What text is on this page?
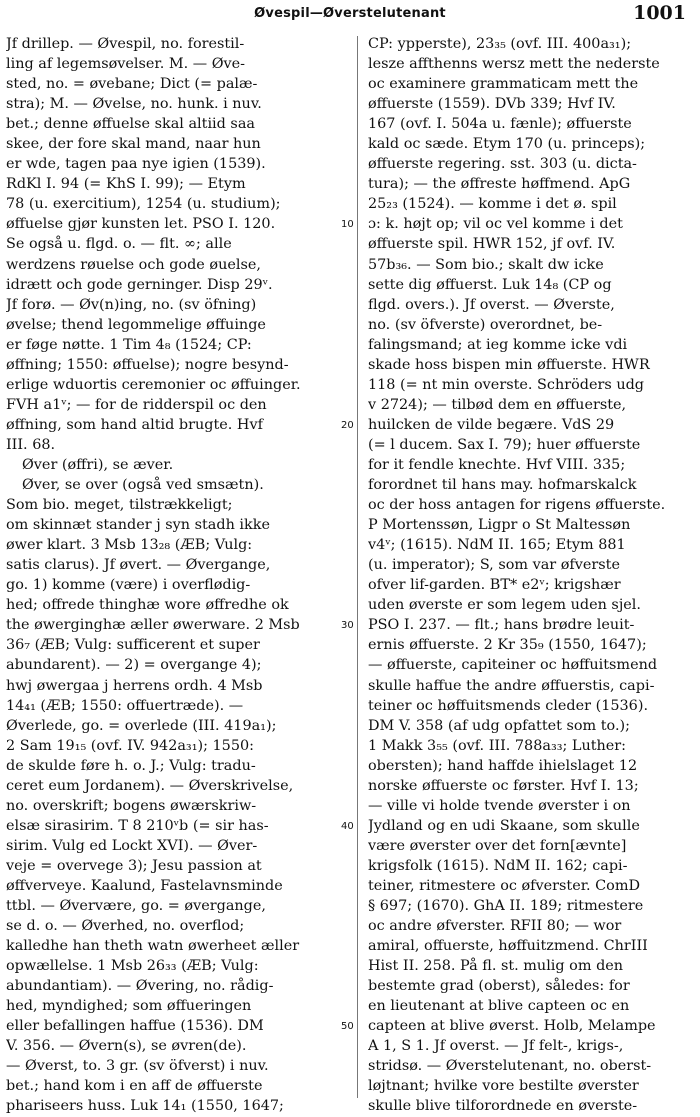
Øvespil—Øverstelutenant	1001
Jf drillep. — Øvespil, no. forestil-
ling af legemsøvelser. M. — Øve-
sted, no. = øvebane; Dict (= palæ-
stra); M. — Øvelse, no. hunk. i nuv.
bet.; denne øffuelse skal altiid saa
skee, der fore skal mand, naar hun
er wde, tagen paa nye igien (1539).
RdKl I. 94 (= KhS I. 99); — Etym
78 (u. exercitium), 1254 (u. studium);
øffuelse gjør kunsten let. PSO I. 120.
Se også u. flgd. o. — flt. ∞; alle
werdzens røuelse och gode øuelse,
idrætt och gode gerninger. Disp 29ᵛ.
Jf forø. — Øv(n)ing, no. (sv öfning)
øvelse; thend legommelige øffuinge
er føge nøtte. 1 Tim 4₈ (1524; CP:
øffning; 1550: øffuelse); nogre besynd-
erlige wduortis ceremonier oc øffuinger.
FVH a1ᵛ; — for de ridderspil oc den
øffning, som hand altid brugte. Hvf
III. 68.
Øver (øffri), se æver.
Øver, se over (også ved smsætn).
Som bio. meget, tilstrækkeligt;
om skinnæt stander j syn stadh ikke
øwer klart. 3 Msb 13₂₈ (ÆB; Vulg:
satis clarus). Jf øvert. — Øvergange,
go. 1) komme (være) i overflødig-
hed; offrede thinghæ wore øffredhe ok
the øwerginghæ æller øwerware. 2 Msb
36₇ (ÆB; Vulg: sufficerent et super
abundarent). — 2) = overgange 4);
hwj øwergaa j herrens ordh. 4 Msb
14₄₁ (ÆB; 1550: offuertræde). —
Øverlede, go. = overlede (III. 419a₁);
2 Sam 19₁₅ (ovf. IV. 942a₃₁); 1550:
de skulde føre h. o. J.; Vulg: tradu-
ceret eum Jordanem). — Øverskrivelse,
no. overskrift; bogens øwærskriw-
elsæ sirasirim. T 8 210ᵛb (= sir has-
sirim. Vulg ed Lockt XVI). — Øver-
veje = overvege 3); Jesu passion at
øffverveye. Kaalund, Fastelavnsminde
ttbl. — Øvervære, go. = øvergange,
se d. o. — Øverhed, no. overflod;
kalledhe han theth watn øwerheet æller
opwællelse. 1 Msb 26₃₃ (ÆB; Vulg:
abundantiam). — Øvering, no. rådig-
hed, myndighed; som øffueringen
eller befallingen haffue (1536). DM
V. 356. — Øvern(s), se øvren(de).
— Øverst, to. 3 gr. (sv öfverst) i nuv.
bet.; hand kom i en aff de øffuerste
phariseers huss. Luk 14₁ (1550, 1647;
CP: ypperste), 23₃₅ (ovf. III. 400a₃₁);
lesze affthenns wersz mett the nederste
oc examinere grammaticam mett the
øffuerste (1559). DVb 339; Hvf IV.
167 (ovf. I. 504a u. fænle); øffuerste
kald oc sæde. Etym 170 (u. princeps);
øffuerste regering. sst. 303 (u. dicta-
tura); — the øffreste høffmend. ApG
25₂₃ (1524). — komme i det ø. spil
ɔ: k. højt op; vil oc vel komme i det
øffuerste spil. HWR 152, jf ovf. IV.
57b₃₆. — Som bio.; skalt dw icke
sette dig øffuerst. Luk 14₈ (CP og
flgd. overs.). Jf overst. — Øverste,
no. (sv öfverste) overordnet, be-
falingsmand; at ieg komme icke vdi
skade hoss bispen min øffuerste. HWR
118 (= nt min overste. Schröders udg
v 2724); — tilbød dem en øffuerste,
huilcken de vilde begære. VdS 29
(= l ducem. Sax I. 79); huer øffuerste
for it fendle knechte. Hvf VIII. 335;
forordnet til hans may. hofmarskalck
oc der hoss antagen for rigens øffuerste.
P Mortenssøn, Ligpr o St Maltessøn
v4ᵛ; (1615). NdM II. 165; Etym 881
(u. imperator); S, som var øfverste
ofver lif-garden. BT* e2ᵛ; krigshær
uden øverste er som legem uden sjel.
PSO I. 237. — flt.; hans brødre leuit-
ernis øffuerste. 2 Kr 35₉ (1550, 1647);
— øffuerste, capiteiner oc høffuitsmend
skulle haffue the andre øffuerstis, capi-
teiner oc høffuitsmends cleder (1536).
DM V. 358 (af udg opfattet som to.);
1 Makk 3₅₅ (ovf. III. 788a₃₃; Luther:
obersten); hand haffde ihielslaget 12
norske øffuerste oc førster. Hvf I. 13;
— ville vi holde tvende øverster i on
Jydland og en udi Skaane, som skulle
være øverster over det forn[ævnte]
krigsfolk (1615). NdM II. 162; capi-
teiner, ritmestere oc øfverster. ComD
§ 697; (1670). GhA II. 189; ritmestere
oc andre øfverster. RFII 80; — wor
amiral, offuerste, høffuitzmend. ChrIII
Hist II. 258. På fl. st. mulig om den
bestemte grad (oberst), således: for
en lieutenant at blive capteen oc en
capteen at blive øverst. Holb, Melampe
A 1, S 1. Jf overst. — Jf felt-, krigs-,
stridsø. — Øverstelutenant, no. oberst-
løjtnant; hvilke vore bestilte øverster
skulle blive tilforordnede en øverste-
10
20
30
40
50
